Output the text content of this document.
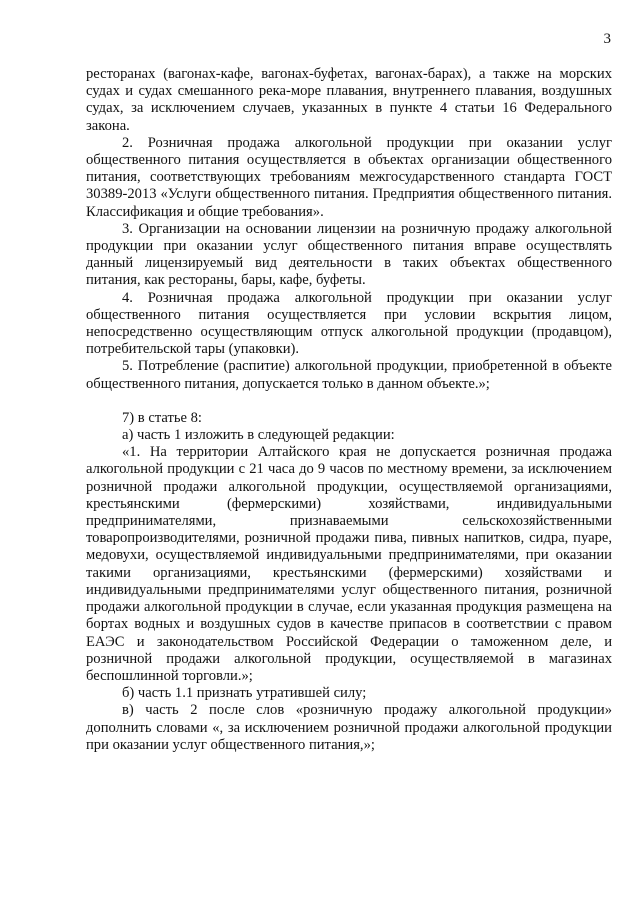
3

ресторанах (вагонах-кафе, вагонах-буфетах, вагонах-барах), а также на морских судах и судах смешанного река-море плавания, внутреннего плавания, воздушных судах, за исключением случаев, указанных в пункте 4 статьи 16 Федерального закона.

2. Розничная продажа алкогольной продукции при оказании услуг общественного питания осуществляется в объектах организации общественного питания, соответствующих требованиям межгосударственного стандарта ГОСТ 30389-2013 «Услуги общественного питания. Предприятия общественного питания. Классификация и общие требования».

3. Организации на основании лицензии на розничную продажу алкогольной продукции при оказании услуг общественного питания вправе осуществлять данный лицензируемый вид деятельности в таких объектах общественного питания, как рестораны, бары, кафе, буфеты.

4. Розничная продажа алкогольной продукции при оказании услуг общественного питания осуществляется при условии вскрытия лицом, непосредственно осуществляющим отпуск алкогольной продукции (продавцом), потребительской тары (упаковки).

5. Потребление (распитие) алкогольной продукции, приобретенной в объекте общественного питания, допускается только в данном объекте.»;

7) в статье 8:

а) часть 1 изложить в следующей редакции:

«1. На территории Алтайского края не допускается розничная продажа алкогольной продукции с 21 часа до 9 часов по местному времени, за исключением розничной продажи алкогольной продукции, осуществляемой организациями, крестьянскими (фермерскими) хозяйствами, индивидуальными предпринимателями, признаваемыми сельскохозяйственными товаропроизводителями, розничной продажи пива, пивных напитков, сидра, пуаре, медовухи, осуществляемой индивидуальными предпринимателями, при оказании такими организациями, крестьянскими (фермерскими) хозяйствами и индивидуальными предпринимателями услуг общественного питания, розничной продажи алкогольной продукции в случае, если указанная продукция размещена на бортах водных и воздушных судов в качестве припасов в соответствии с правом ЕАЭС и законодательством Российской Федерации о таможенном деле, и розничной продажи алкогольной продукции, осуществляемой в магазинах беспошлинной торговли.»;

б) часть 1.1 признать утратившей силу;

в) часть 2 после слов «розничную продажу алкогольной продукции» дополнить словами «, за исключением розничной продажи алкогольной продукции при оказании услуг общественного питания,»;
